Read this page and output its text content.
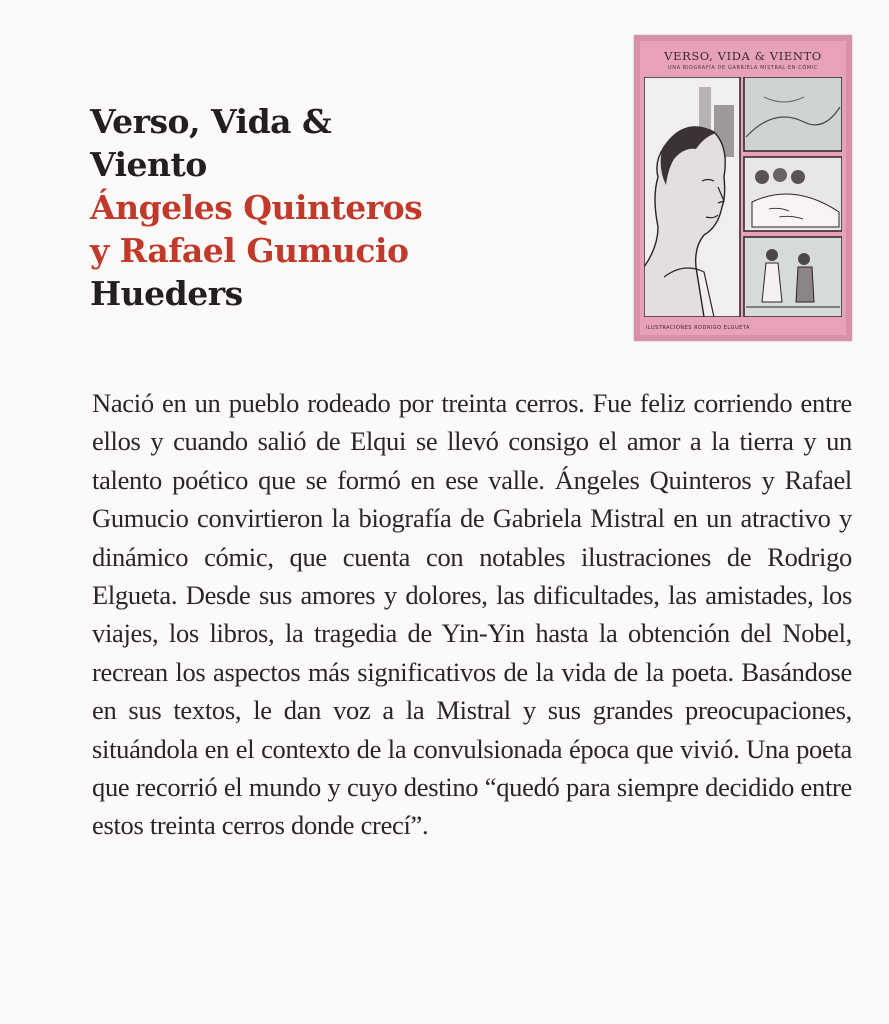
Verso, Vida &
Viento
Ángeles Quinteros
y Rafael Gumucio
Hueders
VERSO, VIDA & VIENTO
UNA BIOGRAFÍA DE GABRIELA MISTRAL EN CÓMIC
ILUSTRACIONES RODRIGO ELGUETA

Nació en un pueblo rodeado por treinta cerros. Fue feliz corriendo entre ellos y cuando salió de Elqui se llevó consigo el amor a la tierra y un talento poético que se formó en ese valle. Ángeles Quinteros y Rafael Gumucio convirtieron la biografía de Gabriela Mistral en un atractivo y dinámico cómic, que cuenta con notables ilustraciones de Rodrigo Elgueta. Desde sus amores y dolores, las dificultades, las amistades, los viajes, los libros, la tragedia de Yin-Yin hasta la obtención del Nobel, recrean los aspectos más significativos de la vida de la poeta. Basándose en sus textos, le dan voz a la Mistral y sus grandes preocupaciones, situándola en el contexto de la convulsionada época que vivió. Una poeta que recorrió el mundo y cuyo destino “quedó para siempre decidido entre estos treinta cerros donde crecí”.
